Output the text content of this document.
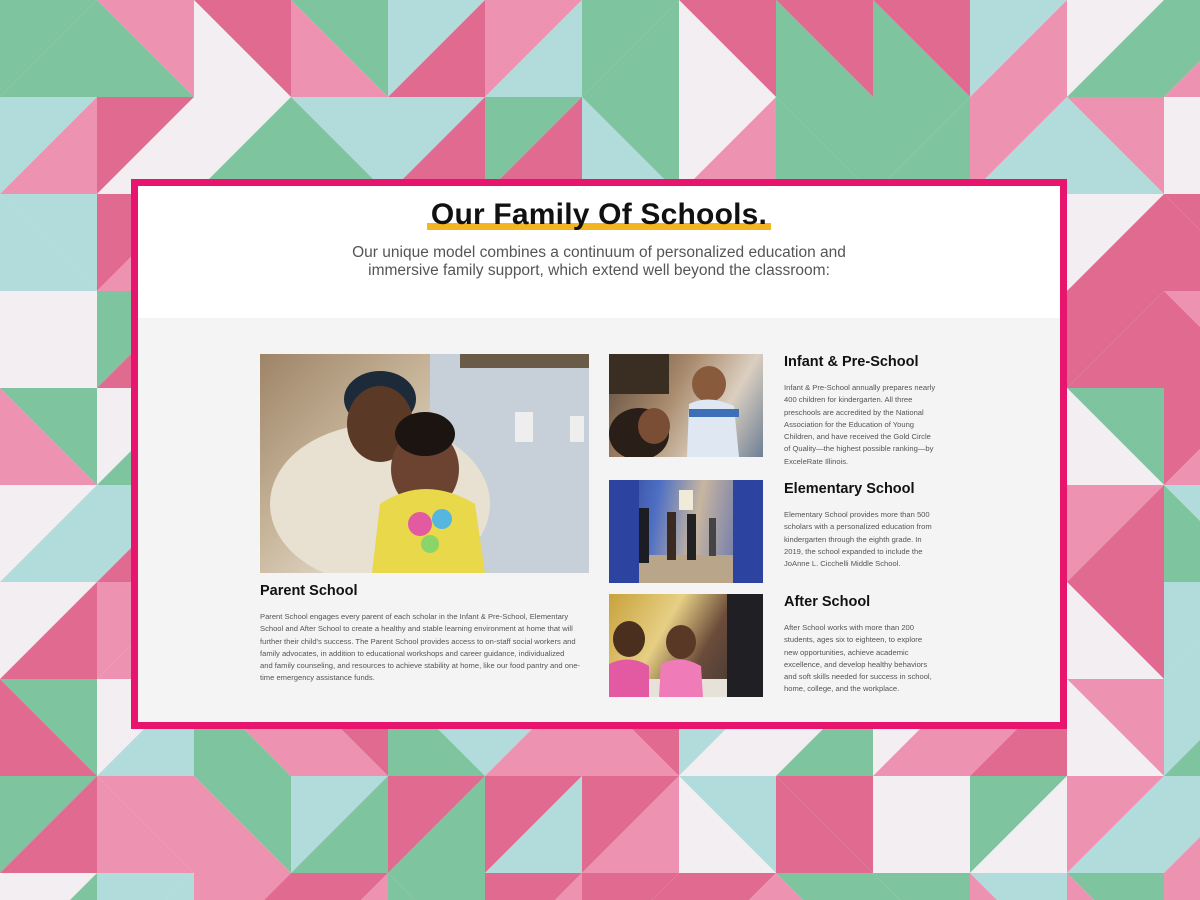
Our Family Of Schools.
Our unique model combines a continuum of personalized education and
immersive family support, which extend well beyond the classroom:
Parent School
Parent School engages every parent of each scholar in the Infant & Pre-School, Elementary
School and After School to create a healthy and stable learning environment at home that will
further their child's success. The Parent School provides access to on-staff social workers and
family advocates, in addition to educational workshops and career guidance, individualized
and family counseling, and resources to achieve stability at home, like our food pantry and one-
time emergency assistance funds.
Infant & Pre-School
Infant & Pre-School annually prepares nearly
400 children for kindergarten. All three
preschools are accredited by the National
Association for the Education of Young
Children, and have received the Gold Circle
of Quality—the highest possible ranking—by
ExceleRate Illinois.
Elementary School
Elementary School provides more than 500
scholars with a personalized education from
kindergarten through the eighth grade. In
2019, the school expanded to include the
JoAnne L. Cicchelli Middle School.
After School
After School works with more than 200
students, ages six to eighteen, to explore
new opportunities, achieve academic
excellence, and develop healthy behaviors
and soft skills needed for success in school,
home, college, and the workplace.
